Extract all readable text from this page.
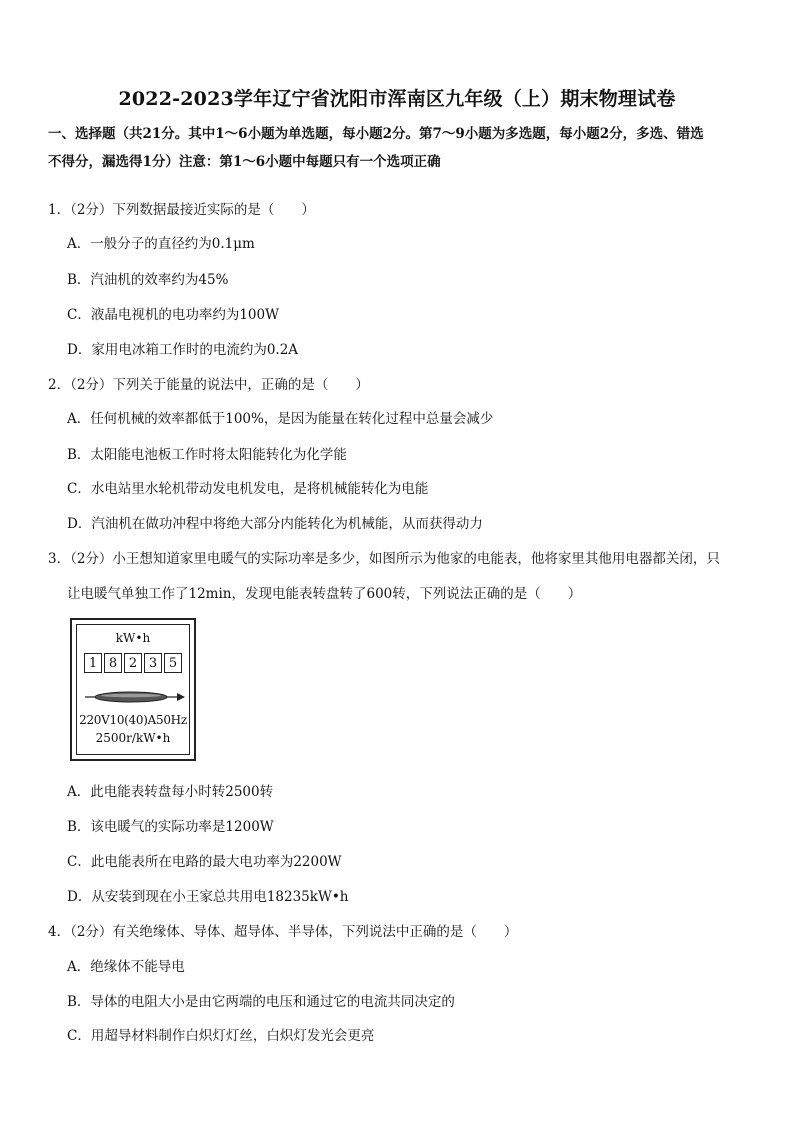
2022-2023学年辽宁省沈阳市浑南区九年级（上）期末物理试卷
一、选择题（共21分。其中1～6小题为单选题，每小题2分。第7～9小题为多选题，每小题2分，多选、错选
不得分，漏选得1分）注意：第1～6小题中每题只有一个选项正确
1．（2分）下列数据最接近实际的是（　　）
A．一般分子的直径约为0.1μm
B．汽油机的效率约为45%
C．液晶电视机的电功率约为100W
D．家用电冰箱工作时的电流约为0.2A
2．（2分）下列关于能量的说法中，正确的是（　　）
A．任何机械的效率都低于100%，是因为能量在转化过程中总量会减少
B．太阳能电池板工作时将太阳能转化为化学能
C．水电站里水轮机带动发电机发电，是将机械能转化为电能
D．汽油机在做功冲程中将绝大部分内能转化为机械能，从而获得动力
3．（2分）小王想知道家里电暖气的实际功率是多少，如图所示为他家的电能表，他将家里其他用电器都关闭，只
让电暖气单独工作了12min，发现电能表转盘转了600转，下列说法正确的是（　　）
kW•h
1 8 2 3 5
220V10(40)A50Hz
2500r/kW•h
A．此电能表转盘每小时转2500转
B．该电暖气的实际功率是1200W
C．此电能表所在电路的最大电功率为2200W
D．从安装到现在小王家总共用电18235kW•h
4．（2分）有关绝缘体、导体、超导体、半导体，下列说法中正确的是（　　）
A．绝缘体不能导电
B．导体的电阻大小是由它两端的电压和通过它的电流共同决定的
C．用超导材料制作白炽灯灯丝，白炽灯发光会更亮
